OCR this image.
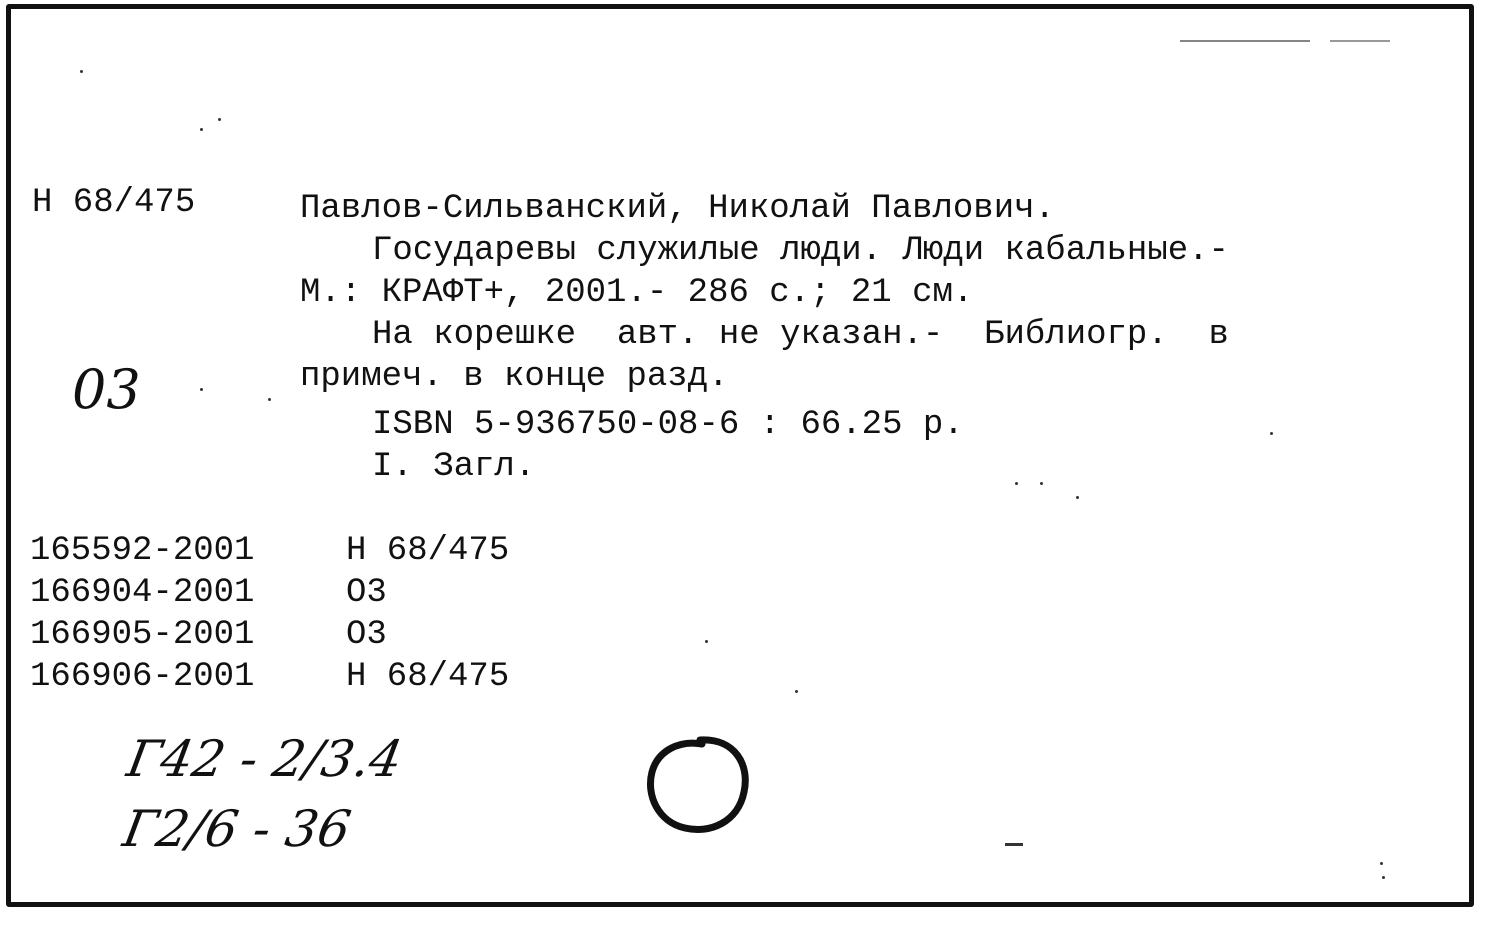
Н 68/475	Павлов-Сильванский, Николай Павлович.
Государевы служилые люди. Люди кабальные.-
М.: КРАФТ+, 2001.- 286 с.; 21 см.
На корешке  авт. не указан.-  Библиогр.  в
примеч. в конце разд.
ISBN 5-936750-08-6 : 66.25 р.
I. Загл.
03
165592-2001	Н 68/475
166904-2001	О3
166905-2001	О3
166906-2001	Н 68/475
Г42 - 2/3.4
Г2/6 - 36
